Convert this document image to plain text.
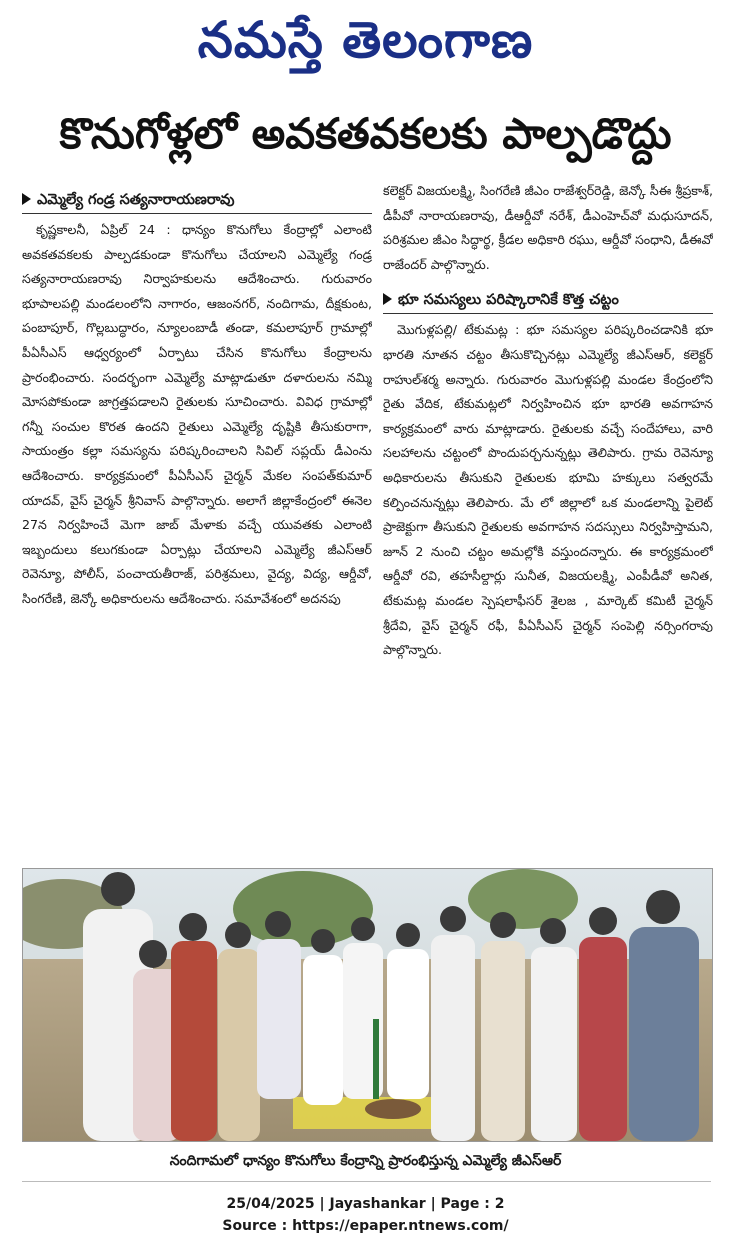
నమస్తే తెలంగాణ
కొనుగోళ్లలో అవకతవకలకు పాల్పడొద్దు
ఎమ్మెల్యే గండ్ర సత్యనారాయణరావు

కృష్ణకాలనీ, ఏప్రిల్ 24 : ధాన్యం కొనుగోలు కేంద్రాల్లో ఎలాంటి అవకతవకలకు పాల్పడకుండా కొనుగోలు చేయాలని ఎమ్మెల్యే గండ్ర సత్యనారాయణరావు నిర్వాహకులను ఆదేశించారు. గురువారం భూపాలపల్లి మండలంలోని నాగారం, ఆజంనగర్, నందిగామ, దీక్షకుంట, పంబాపూర్, గొల్లబుద్ధారం, న్యూలంబాడీ తండా, కమలాపూర్ గ్రామాల్లో పీఏసీఎస్ ఆధ్వర్యంలో ఏర్పాటు చేసిన కొనుగోలు కేంద్రాలను ప్రారంభించారు. సందర్భంగా ఎమ్మెల్యే మాట్లాడుతూ దళారులను నమ్మి మోసపోకుండా జాగ్రత్తపడాలని రైతులకు సూచించారు. వివిధ గ్రామాల్లో గన్నీ సంచుల కొరత ఉందని రైతులు ఎమ్మెల్యే దృష్టికి తీసుకురాగా, సాయంత్రం కల్లా సమస్యను పరిష్కరించాలని సివిల్ సప్లయ్ డీఎంను ఆదేశించారు. కార్యక్రమంలో పీఏసీఎస్ చైర్మన్ మేకల సంపత్‌కుమార్ యాదవ్, వైస్ చైర్మన్ శ్రీనివాస్ పాల్గొన్నారు. అలాగే జిల్లాకేంద్రంలో ఈనెల 27న నిర్వహించే మెగా జాబ్ మేళాకు వచ్చే యువతకు ఎలాంటి ఇబ్బందులు కలుగకుండా ఏర్పాట్లు చేయాలని ఎమ్మెల్యే జీఎస్ఆర్ రెవెన్యూ, పోలీస్, పంచాయతీరాజ్, పరిశ్రమలు, వైద్య, విద్య, ఆర్డీవో, సింగరేణి, జెన్కో అధికారులను ఆదేశించారు. సమావేశంలో అదనపు

కలెక్టర్ విజయలక్ష్మి, సింగరేణి జీఎం రాజేశ్వర్‌రెడ్డి, జెన్కో సీఈ శ్రీప్రకాశ్, డీపీవో నారాయణరావు, డీఆర్డీవో నరేశ్, డీఎంహెచ్‌వో మధుసూదన్, పరిశ్రమల జీఎం సిద్ధార్థ, క్రీడల అధికారి రఘు, ఆర్డీవో సంధాని, డీఈవో రాజేందర్ పాల్గొన్నారు.

భూ సమస్యలు పరిష్కారానికే కొత్త చట్టం

మొగుళ్లపల్లి/ టేకుమట్ల : భూ సమస్యల పరిష్కరించడానికి భూ భారతి నూతన చట్టం తీసుకొచ్చినట్లు ఎమ్మెల్యే జీఎస్ఆర్, కలెక్టర్ రాహుల్‌శర్మ అన్నారు. గురువారం మొగుళ్లపల్లి మండల కేంద్రంలోని రైతు వేదిక, టేకుమట్లలో నిర్వహించిన భూ భారతి అవగాహన కార్యక్రమంలో వారు మాట్లాడారు. రైతులకు వచ్చే సందేహాలు, వారి సలహాలను చట్టంలో పొందుపర్చనున్నట్లు తెలిపారు. గ్రామ రెవెన్యూ అధికారులను తీసుకుని రైతులకు భూమి హక్కులు సత్వరమే కల్పించనున్నట్లు తెలిపారు. మే లో జిల్లాలో ఒక మండలాన్ని పైలెట్ ప్రాజెక్టుగా తీసుకుని రైతులకు అవగాహన సదస్సులు నిర్వహిస్తామని, జూన్ 2 నుంచి చట్టం అమల్లోకి వస్తుందన్నారు. ఈ కార్యక్రమంలో ఆర్డీవో రవి, తహసీల్దార్లు సునీత, విజయలక్ష్మి, ఎంపీడీవో అనిత, టేకుమట్ల మండల స్పెషలాఫీసర్ శైలజ , మార్కెట్ కమిటీ చైర్మన్ శ్రీదేవి, వైస్ చైర్మన్ రఫీ, పీఏసీఎస్ చైర్మన్ సంపెల్లి నర్సింగరావు పాల్గొన్నారు.

నందిగామలో ధాన్యం కొనుగోలు కేంద్రాన్ని ప్రారంభిస్తున్న ఎమ్మెల్యే జీఎస్ఆర్
25/04/2025 | Jayashankar | Page : 2
Source : https://epaper.ntnews.com/
